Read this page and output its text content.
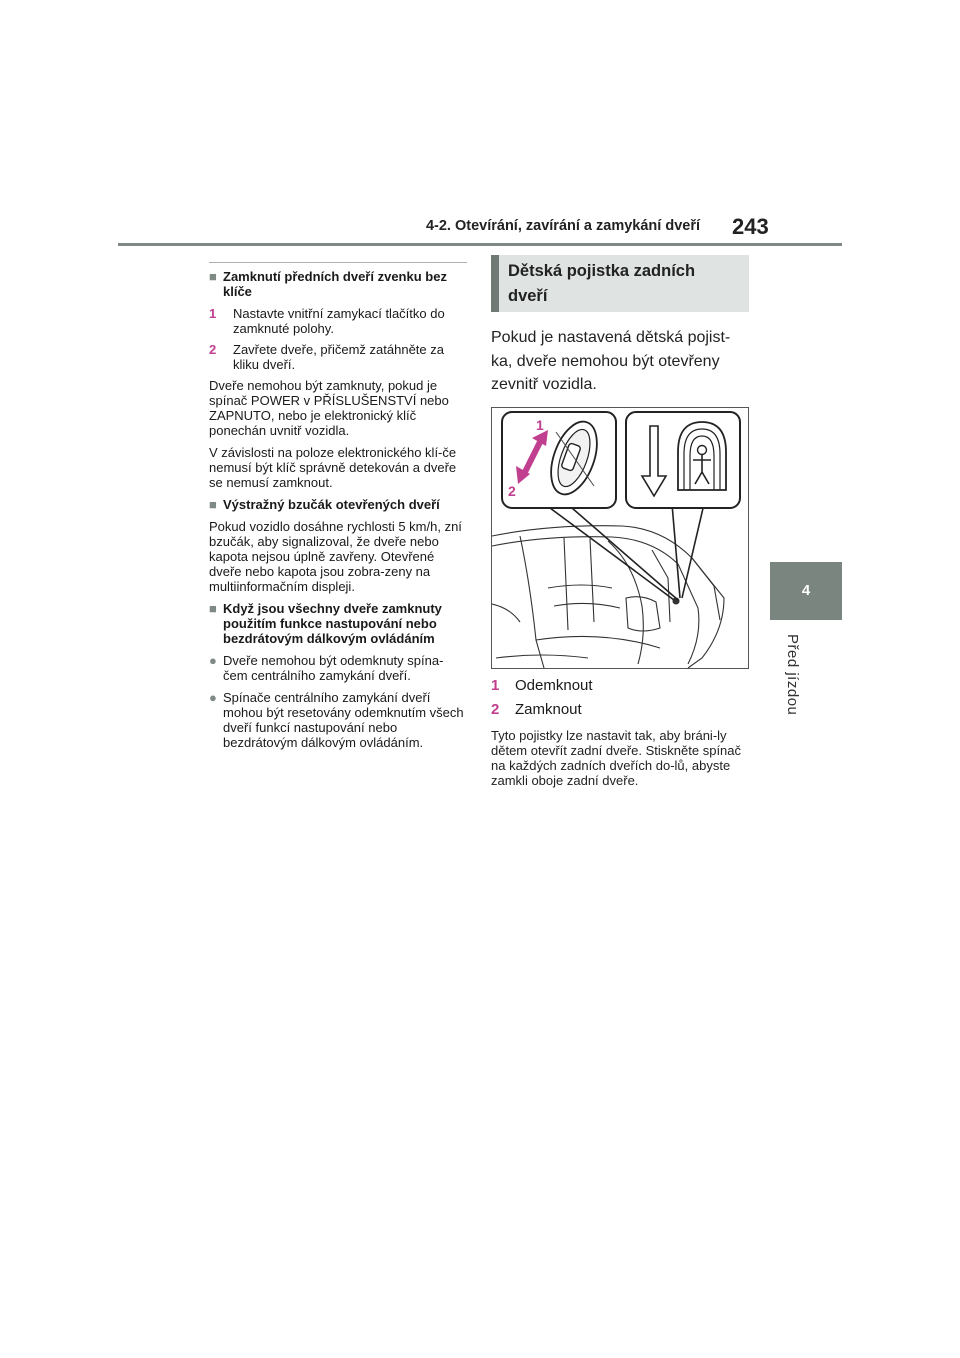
4-2. Otevírání, zavírání a zamykání dveří 243
4
Před jízdou
■ Zamknutí předních dveří zvenku bez klíče
1	Nastavte vnitřní zamykací tlačítko do zamknuté polohy.
2	Zavřete dveře, přičemž zatáhněte za kliku dveří.

Dveře nemohou být zamknuty, pokud je spínač POWER v PŘÍSLUŠENSTVÍ nebo ZAPNUTO, nebo je elektronický klíč ponechán uvnitř vozidla.

V závislosti na poloze elektronického klí-če nemusí být klíč správně detekován a dveře se nemusí zamknout.

■ Výstražný bzučák otevřených dveří

Pokud vozidlo dosáhne rychlosti 5 km/h, zní bzučák, aby signalizoval, že dveře nebo kapota nejsou úplně zavřeny. Otevřené dveře nebo kapota jsou zobra-zeny na multiinformačním displeji.

■ Když jsou všechny dveře zamknuty použitím funkce nastupování nebo bezdrátovým dálkovým ovládáním
● Dveře nemohou být odemknuty spína-čem centrálního zamykání dveří.
● Spínače centrálního zamykání dveří mohou být resetovány odemknutím všech dveří funkcí nastupování nebo bezdrátovým dálkovým ovládáním.
Dětská pojistka zadních dveří

Pokud je nastavená dětská pojist-ka, dveře nemohou být otevřeny zevnitř vozidla.

1
2
1	Odemknout
2	Zamknout

Tyto pojistky lze nastavit tak, aby bráni-ly dětem otevřít zadní dveře. Stiskněte spínač na každých zadních dveřích do-lů, abyste zamkli oboje zadní dveře.
